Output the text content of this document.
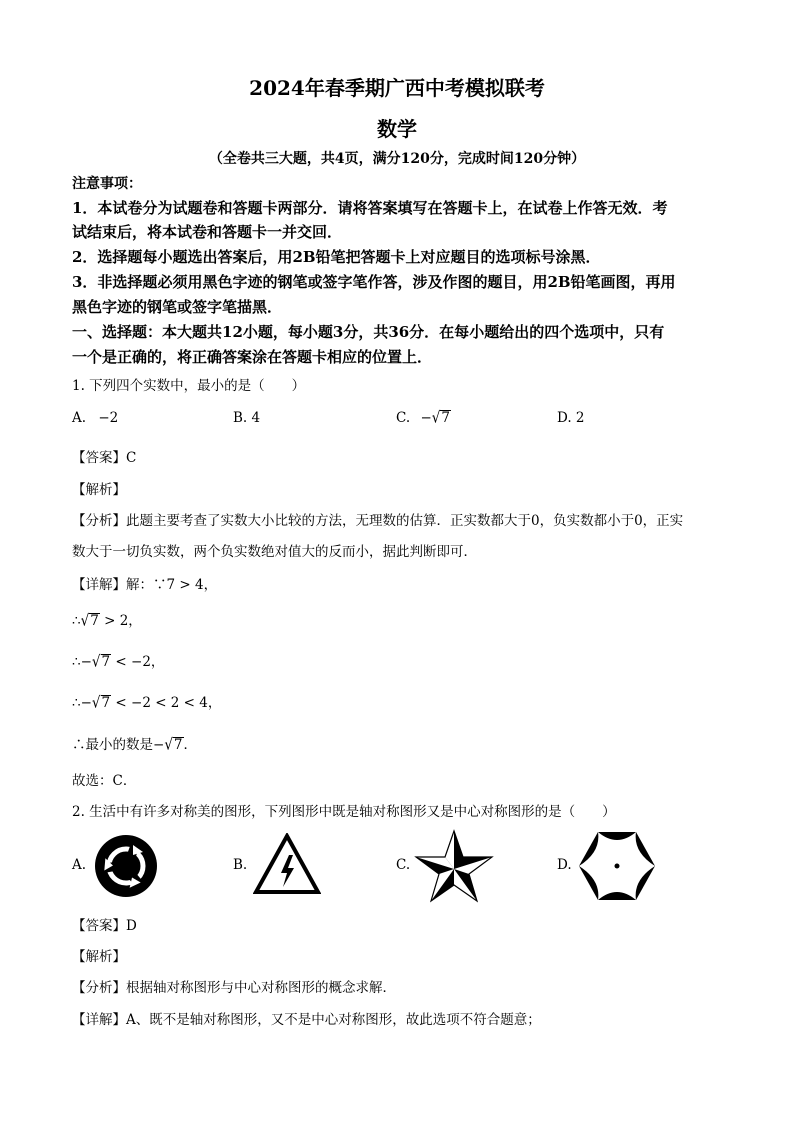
2024年春季期广西中考模拟联考
数学
（全卷共三大题，共4页，满分120分，完成时间120分钟）
注意事项：
1．本试卷分为试题卷和答题卡两部分．请将答案填写在答题卡上，在试卷上作答无效．考
试结束后，将本试卷和答题卡一并交回．
2．选择题每小题选出答案后，用2B铅笔把答题卡上对应题目的选项标号涂黑．
3．非选择题必须用黑色字迹的钢笔或签字笔作答，涉及作图的题目，用2B铅笔画图，再用
黑色字迹的钢笔或签字笔描黑．
一、选择题：本大题共12小题，每小题3分，共36分．在每小题给出的四个选项中，只有
一个是正确的，将正确答案涂在答题卡相应的位置上．
1. 下列四个实数中，最小的是（　　）
A. −2	B. 4	C. −√7	D. 2
【答案】C
【解析】
【分析】此题主要考查了实数大小比较的方法，无理数的估算．正实数都大于0，负实数都小于0，正实
数大于一切负实数，两个负实数绝对值大的反而小，据此判断即可．
【详解】解：∵7 > 4，
∴√7 > 2，
∴−√7 < −2，
∴−√7 < −2 < 2 < 4，
∴最小的数是−√7．
故选：C．
2. 生活中有许多对称美的图形，下列图形中既是轴对称图形又是中心对称图形的是（　　）
A.	B.	C.	D.
【答案】D
【解析】
【分析】根据轴对称图形与中心对称图形的概念求解．
【详解】A、既不是轴对称图形，又不是中心对称图形，故此选项不符合题意；
